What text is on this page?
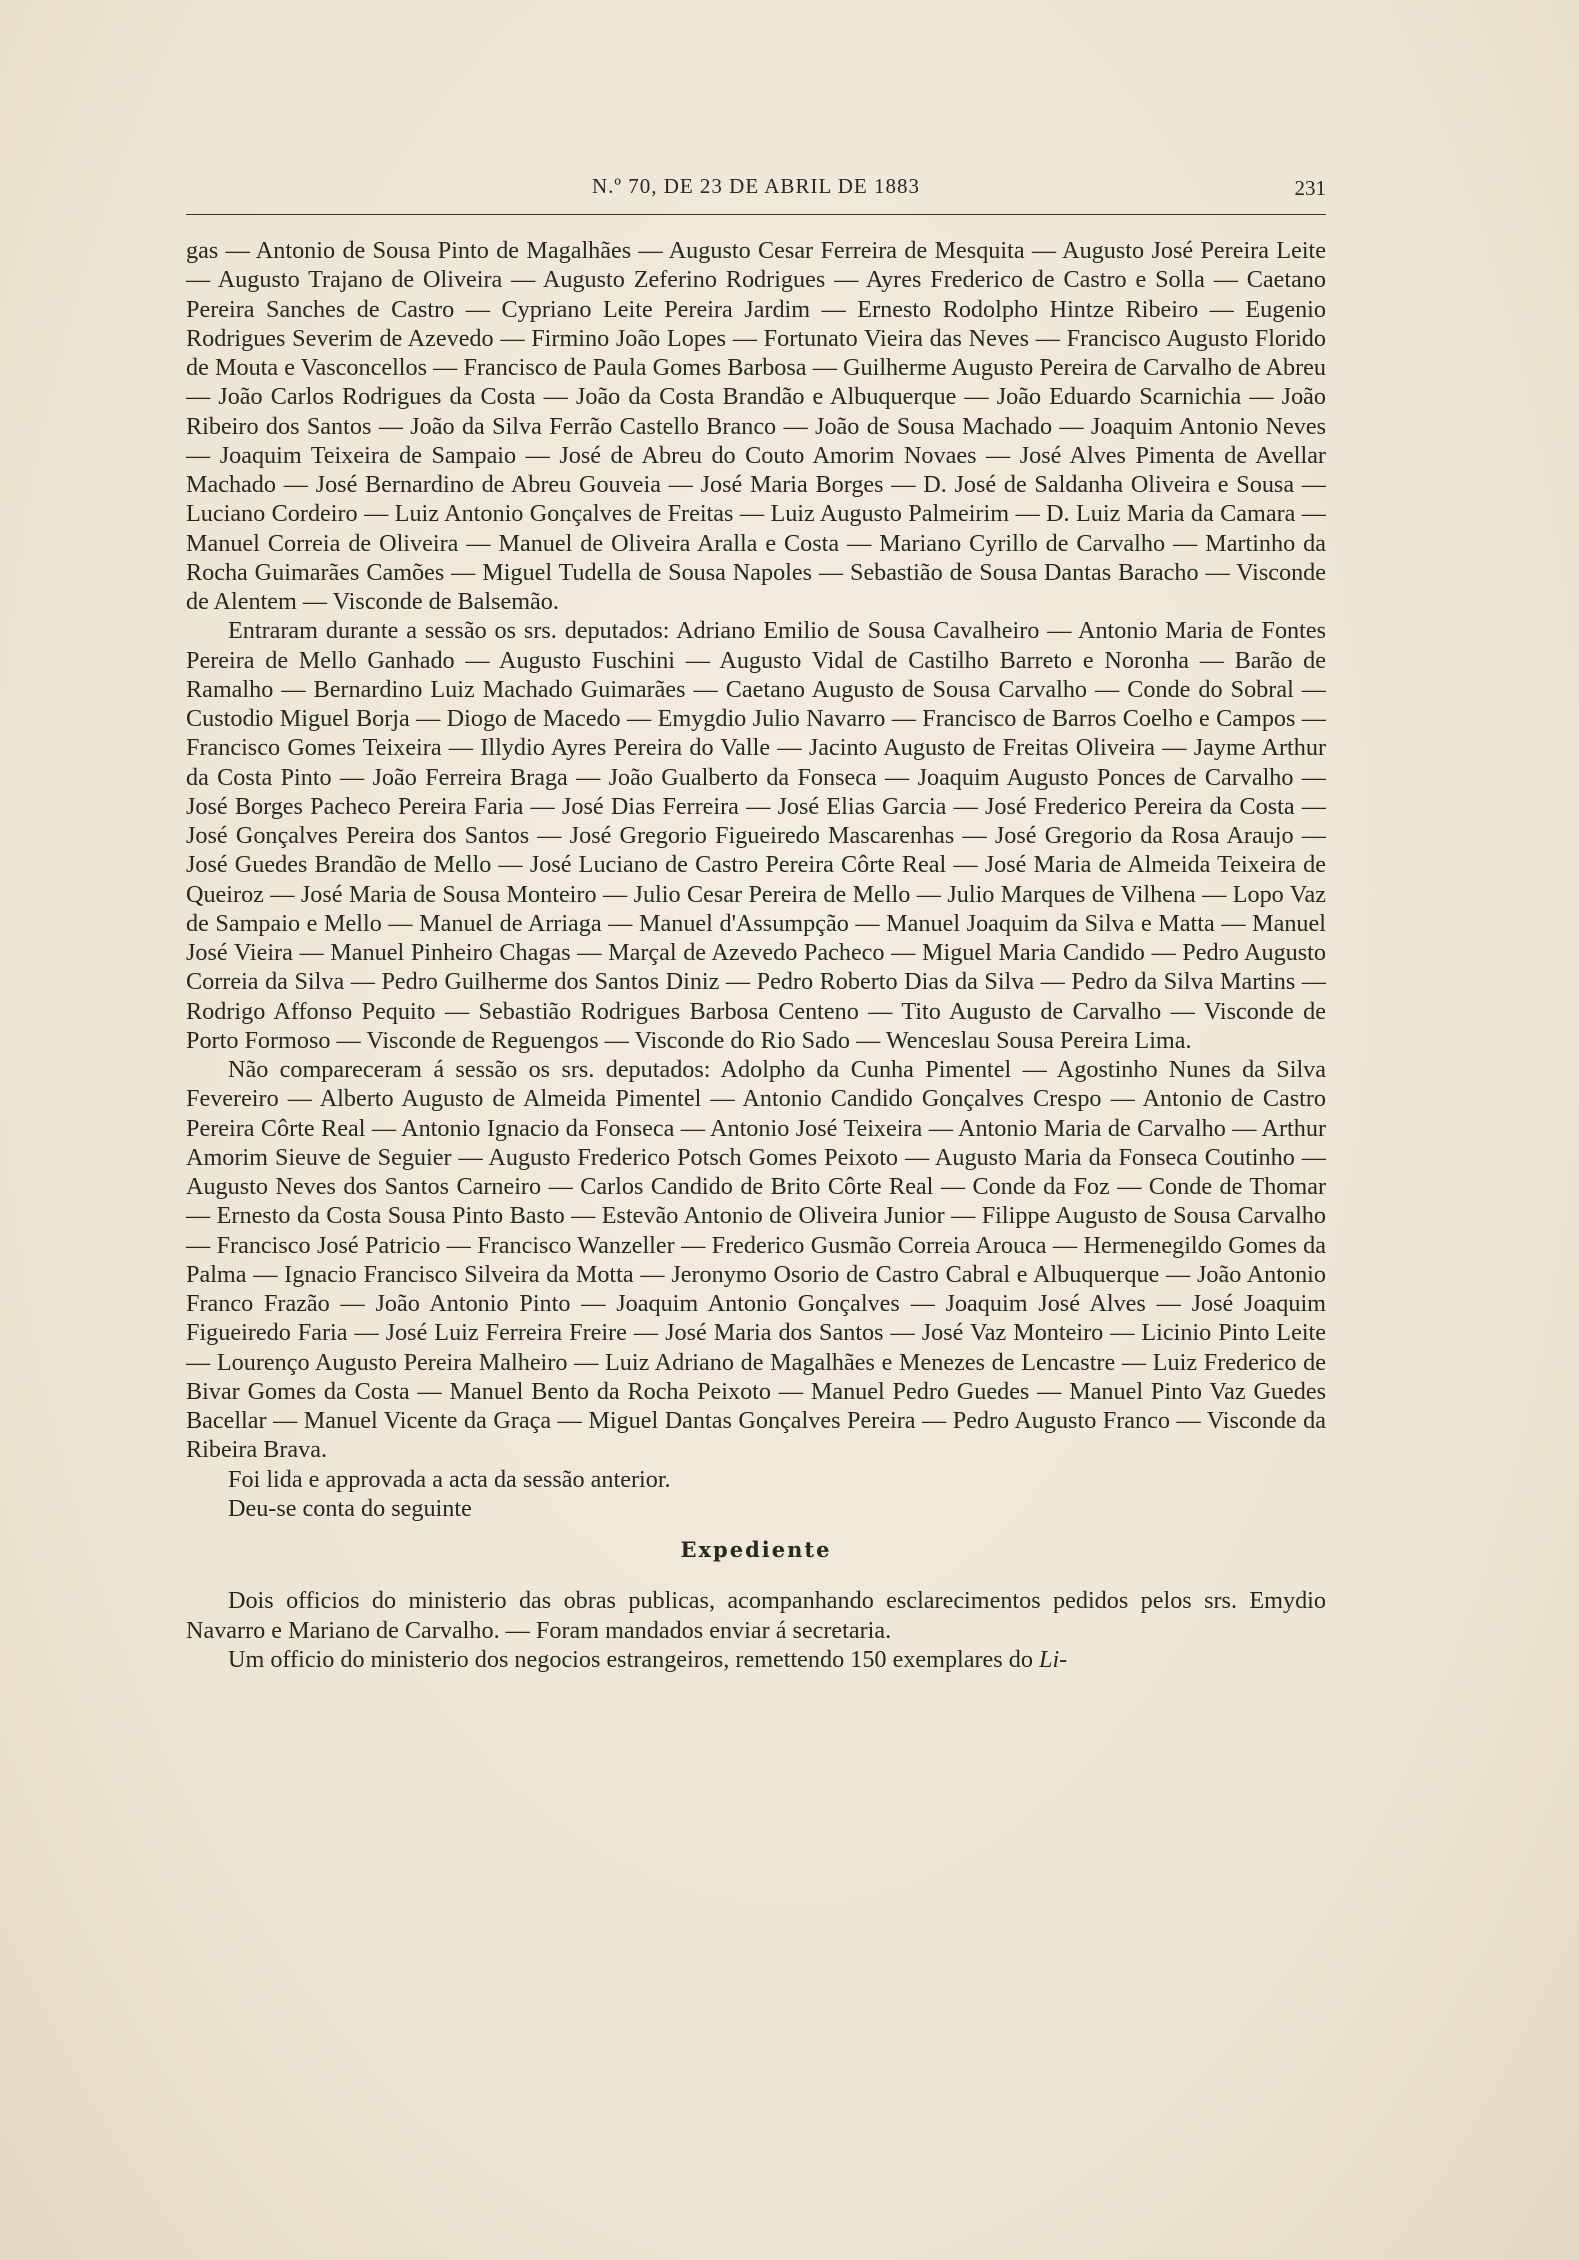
N.º 70, DE 23 DE ABRIL DE 1883	231

gas — Antonio de Sousa Pinto de Magalhães — Augusto Cesar Ferreira de Mesquita — Augusto José Pereira Leite — Augusto Trajano de Oliveira — Augusto Zeferino Rodrigues — Ayres Frederico de Castro e Solla — Caetano Pereira Sanches de Castro — Cypriano Leite Pereira Jardim — Ernesto Rodolpho Hintze Ribeiro — Eugenio Rodrigues Severim de Azevedo — Firmino João Lopes — Fortunato Vieira das Neves — Francisco Augusto Florido de Mouta e Vasconcellos — Francisco de Paula Gomes Barbosa — Guilherme Augusto Pereira de Carvalho de Abreu — João Carlos Rodrigues da Costa — João da Costa Brandão e Albuquerque — João Eduardo Scarnichia — João Ribeiro dos Santos — João da Silva Ferrão Castello Branco — João de Sousa Machado — Joaquim Antonio Neves — Joaquim Teixeira de Sampaio — José de Abreu do Couto Amorim Novaes — José Alves Pimenta de Avellar Machado — José Bernardino de Abreu Gouveia — José Maria Borges — D. José de Saldanha Oliveira e Sousa — Luciano Cordeiro — Luiz Antonio Gonçalves de Freitas — Luiz Augusto Palmeirim — D. Luiz Maria da Camara — Manuel Correia de Oliveira — Manuel de Oliveira Aralla e Costa — Mariano Cyrillo de Carvalho — Martinho da Rocha Guimarães Camões — Miguel Tudella de Sousa Napoles — Sebastião de Sousa Dantas Baracho — Visconde de Alentem — Visconde de Balsemão.

Entraram durante a sessão os srs. deputados: Adriano Emilio de Sousa Cavalheiro — Antonio Maria de Fontes Pereira de Mello Ganhado — Augusto Fuschini — Augusto Vidal de Castilho Barreto e Noronha — Barão de Ramalho — Bernardino Luiz Machado Guimarães — Caetano Augusto de Sousa Carvalho — Conde do Sobral — Custodio Miguel Borja — Diogo de Macedo — Emygdio Julio Navarro — Francisco de Barros Coelho e Campos — Francisco Gomes Teixeira — Illydio Ayres Pereira do Valle — Jacinto Augusto de Freitas Oliveira — Jayme Arthur da Costa Pinto — João Ferreira Braga — João Gualberto da Fonseca — Joaquim Augusto Ponces de Carvalho — José Borges Pacheco Pereira Faria — José Dias Ferreira — José Elias Garcia — José Frederico Pereira da Costa — José Gonçalves Pereira dos Santos — José Gregorio Figueiredo Mascarenhas — José Gregorio da Rosa Araujo — José Guedes Brandão de Mello — José Luciano de Castro Pereira Côrte Real — José Maria de Almeida Teixeira de Queiroz — José Maria de Sousa Monteiro — Julio Cesar Pereira de Mello — Julio Marques de Vilhena — Lopo Vaz de Sampaio e Mello — Manuel de Arriaga — Manuel d'Assumpção — Manuel Joaquim da Silva e Matta — Manuel José Vieira — Manuel Pinheiro Chagas — Marçal de Azevedo Pacheco — Miguel Maria Candido — Pedro Augusto Correia da Silva — Pedro Guilherme dos Santos Diniz — Pedro Roberto Dias da Silva — Pedro da Silva Martins — Rodrigo Affonso Pequito — Sebastião Rodrigues Barbosa Centeno — Tito Augusto de Carvalho — Visconde de Porto Formoso — Visconde de Reguengos — Visconde do Rio Sado — Wenceslau Sousa Pereira Lima.

Não compareceram á sessão os srs. deputados: Adolpho da Cunha Pimentel — Agostinho Nunes da Silva Fevereiro — Alberto Augusto de Almeida Pimentel — Antonio Candido Gonçalves Crespo — Antonio de Castro Pereira Côrte Real — Antonio Ignacio da Fonseca — Antonio José Teixeira — Antonio Maria de Carvalho — Arthur Amorim Sieuve de Seguier — Augusto Frederico Potsch Gomes Peixoto — Augusto Maria da Fonseca Coutinho — Augusto Neves dos Santos Carneiro — Carlos Candido de Brito Côrte Real — Conde da Foz — Conde de Thomar — Ernesto da Costa Sousa Pinto Basto — Estevão Antonio de Oliveira Junior — Filippe Augusto de Sousa Carvalho — Francisco José Patricio — Francisco Wanzeller — Frederico Gusmão Correia Arouca — Hermenegildo Gomes da Palma — Ignacio Francisco Silveira da Motta — Jeronymo Osorio de Castro Cabral e Albuquerque — João Antonio Franco Frazão — João Antonio Pinto — Joaquim Antonio Gonçalves — Joaquim José Alves — José Joaquim Figueiredo Faria — José Luiz Ferreira Freire — José Maria dos Santos — José Vaz Monteiro — Licinio Pinto Leite — Lourenço Augusto Pereira Malheiro — Luiz Adriano de Magalhães e Menezes de Lencastre — Luiz Frederico de Bivar Gomes da Costa — Manuel Bento da Rocha Peixoto — Manuel Pedro Guedes — Manuel Pinto Vaz Guedes Bacellar — Manuel Vicente da Graça — Miguel Dantas Gonçalves Pereira — Pedro Augusto Franco — Visconde da Ribeira Brava.

Foi lida e approvada a acta da sessão anterior.

Deu-se conta do seguinte

Expediente

Dois officios do ministerio das obras publicas, acompanhando esclarecimentos pedidos pelos srs. Emydio Navarro e Mariano de Carvalho. — Foram mandados enviar á secretaria.

Um officio do ministerio dos negocios estrangeiros, remettendo 150 exemplares do Li-
